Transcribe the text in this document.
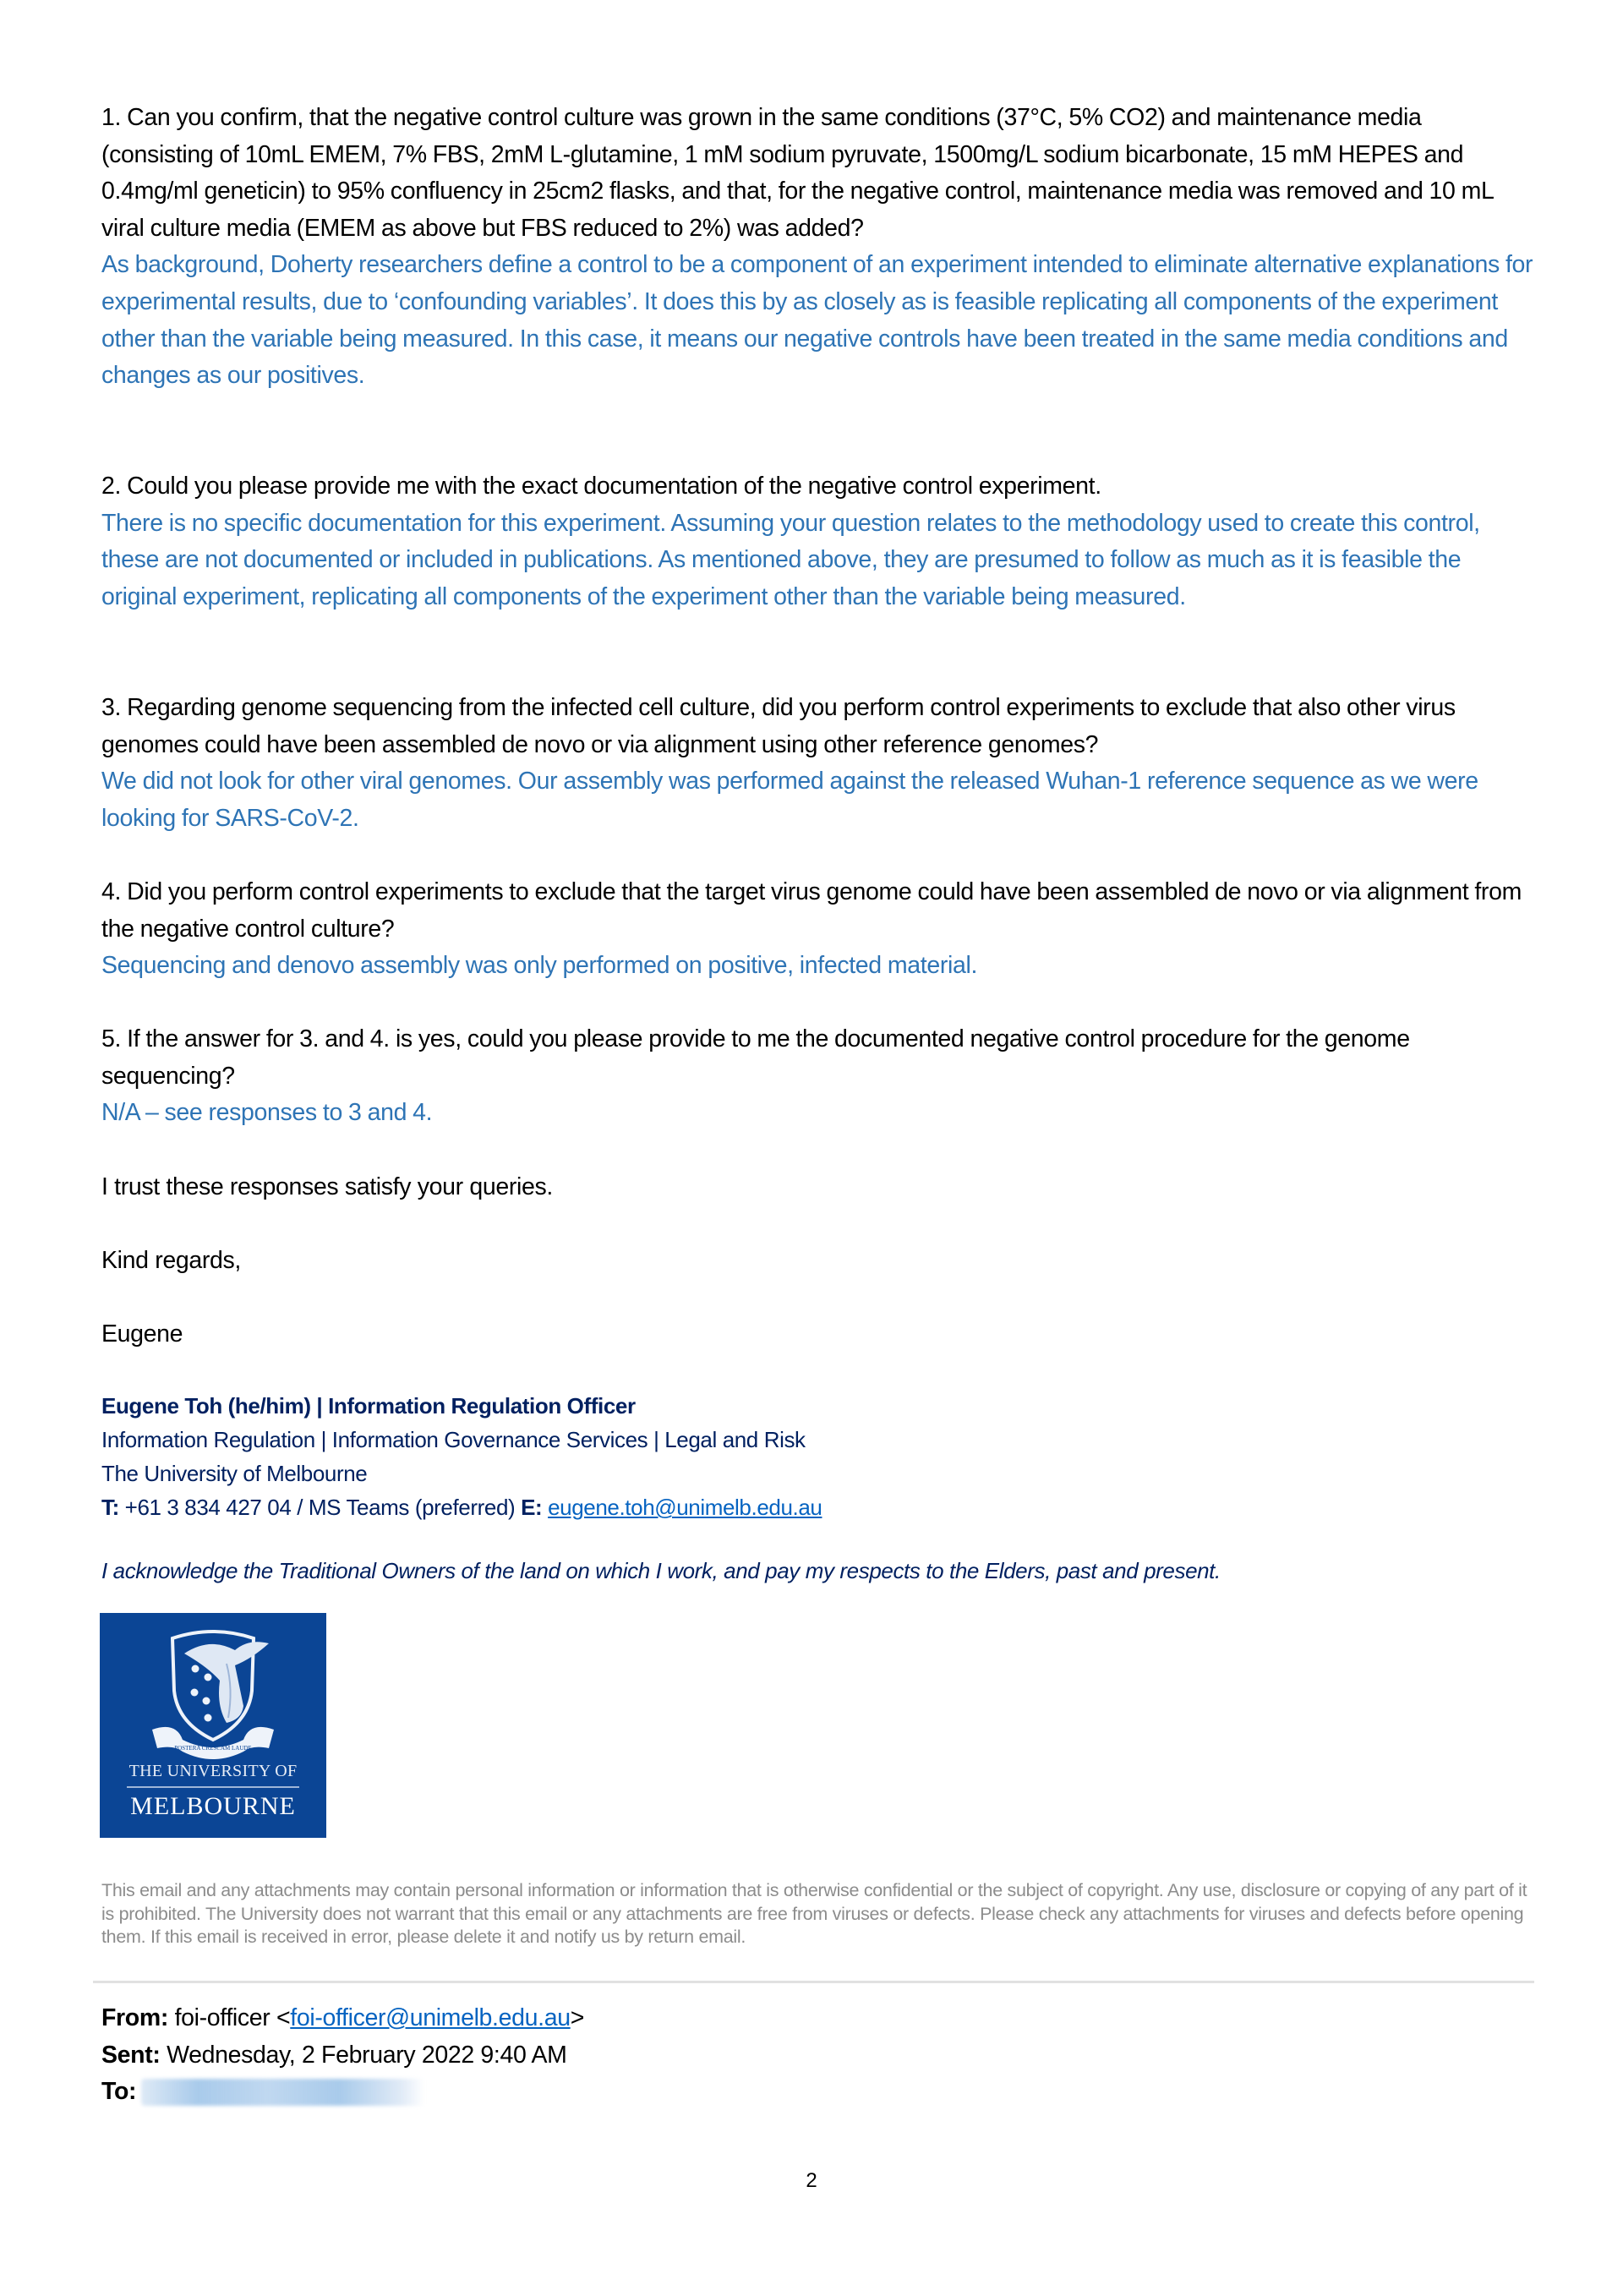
1. Can you confirm, that the negative control culture was grown in the same conditions (37°C, 5% CO2) and maintenance media (consisting of 10mL EMEM, 7% FBS, 2mM L-glutamine, 1 mM sodium pyruvate, 1500mg/L sodium bicarbonate, 15 mM HEPES and 0.4mg/ml geneticin) to 95% confluency in 25cm2 flasks, and that, for the negative control, maintenance media was removed and 10 mL viral culture media (EMEM as above but FBS reduced to 2%) was added?
As background, Doherty researchers define a control to be a component of an experiment intended to eliminate alternative explanations for experimental results, due to ‘confounding variables’. It does this by as closely as is feasible replicating all components of the experiment other than the variable being measured. In this case, it means our negative controls have been treated in the same media conditions and changes as our positives.
2. Could you please provide me with the exact documentation of the negative control experiment.
There is no specific documentation for this experiment. Assuming your question relates to the methodology used to create this control, these are not documented or included in publications. As mentioned above, they are presumed to follow as much as it is feasible the original experiment, replicating all components of the experiment other than the variable being measured.
3. Regarding genome sequencing from the infected cell culture, did you perform control experiments to exclude that also other virus genomes could have been assembled de novo or via alignment using other reference genomes?
We did not look for other viral genomes. Our assembly was performed against the released Wuhan-1 reference sequence as we were looking for SARS-CoV-2.
4. Did you perform control experiments to exclude that the target virus genome could have been assembled de novo or via alignment from the negative control culture?
Sequencing and denovo assembly was only performed on positive, infected material.
5. If the answer for 3. and 4. is yes, could you please provide to me the documented negative control procedure for the genome sequencing?
N/A – see responses to 3 and 4.
I trust these responses satisfy your queries.
Kind regards,
Eugene
Eugene Toh (he/him) | Information Regulation Officer
Information Regulation | Information Governance Services | Legal and Risk
The University of Melbourne
T: +61 3 834 427 04 / MS Teams (preferred) E: eugene.toh@unimelb.edu.au
I acknowledge the Traditional Owners of the land on which I work, and pay my respects to the Elders, past and present.
POSTERA CRESCAM LAUDE
THE UNIVERSITY OF
MELBOURNE
This email and any attachments may contain personal information or information that is otherwise confidential or the subject of copyright. Any use, disclosure or copying of any part of it is prohibited. The University does not warrant that this email or any attachments are free from viruses or defects. Please check any attachments for viruses and defects before opening them. If this email is received in error, please delete it and notify us by return email.
From: foi-officer <foi-officer@unimelb.edu.au>
Sent: Wednesday, 2 February 2022 9:40 AM
To:
2
